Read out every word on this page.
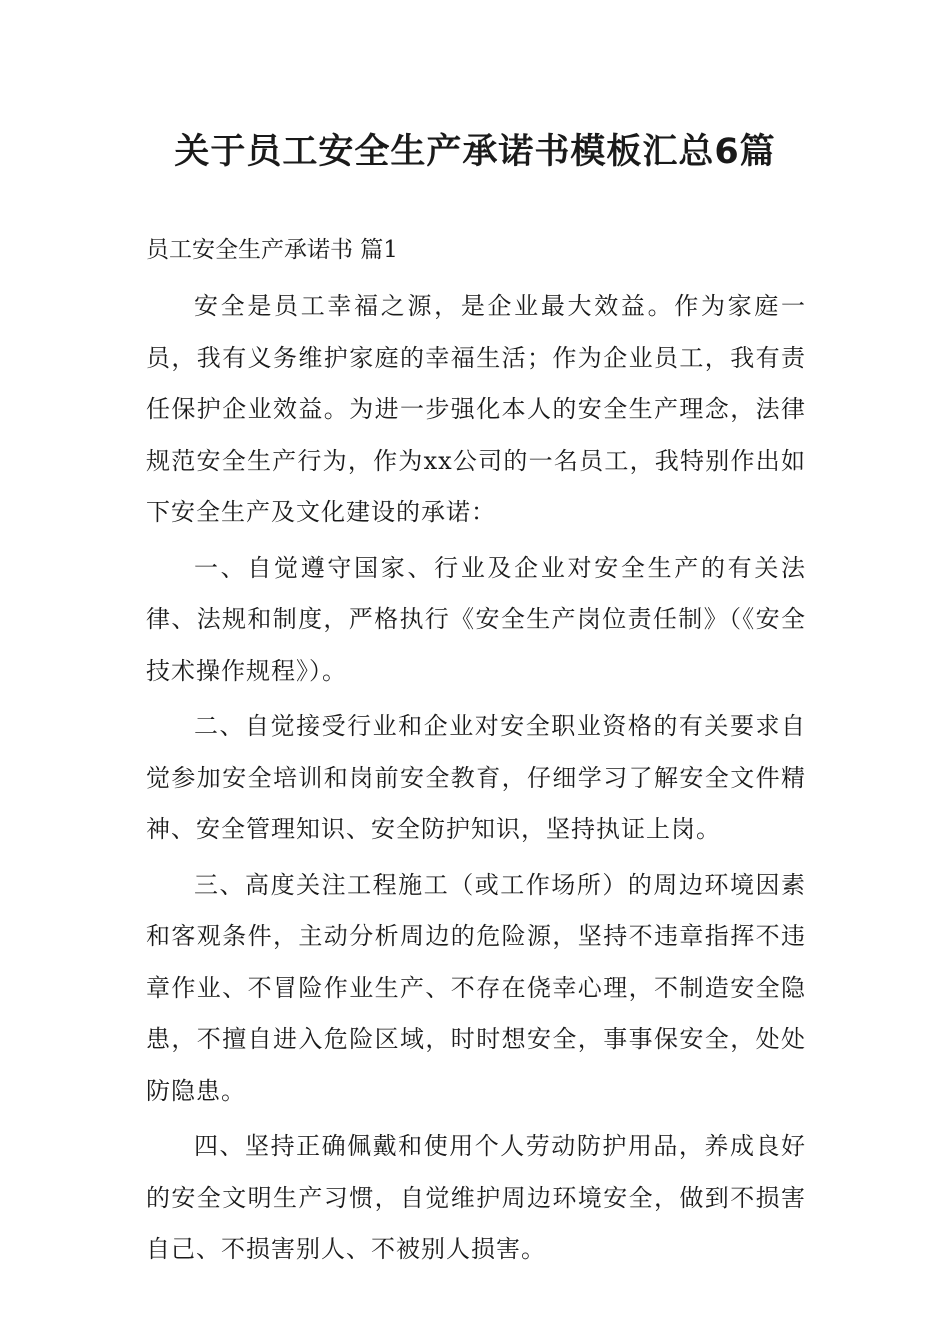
关于员工安全生产承诺书模板汇总6篇
员工安全生产承诺书 篇1

安全是员工幸福之源，是企业最大效益。作为家庭一员，我有义务维护家庭的幸福生活；作为企业员工，我有责任保护企业效益。为进一步强化本人的安全生产理念，法律规范安全生产行为，作为xx公司的一名员工，我特别作出如下安全生产及文化建设的承诺：

一、自觉遵守国家、行业及企业对安全生产的有关法律、法规和制度，严格执行《安全生产岗位责任制》（《安全技术操作规程》）。

二、自觉接受行业和企业对安全职业资格的有关要求自觉参加安全培训和岗前安全教育，仔细学习了解安全文件精神、安全管理知识、安全防护知识，坚持执证上岗。

三、高度关注工程施工（或工作场所）的周边环境因素和客观条件，主动分析周边的危险源，坚持不违章指挥不违章作业、不冒险作业生产、不存在侥幸心理，不制造安全隐患，不擅自进入危险区域，时时想安全，事事保安全，处处防隐患。

四、坚持正确佩戴和使用个人劳动防护用品，养成良好的安全文明生产习惯，自觉维护周边环境安全，做到不损害自己、不损害别人、不被别人损害。
